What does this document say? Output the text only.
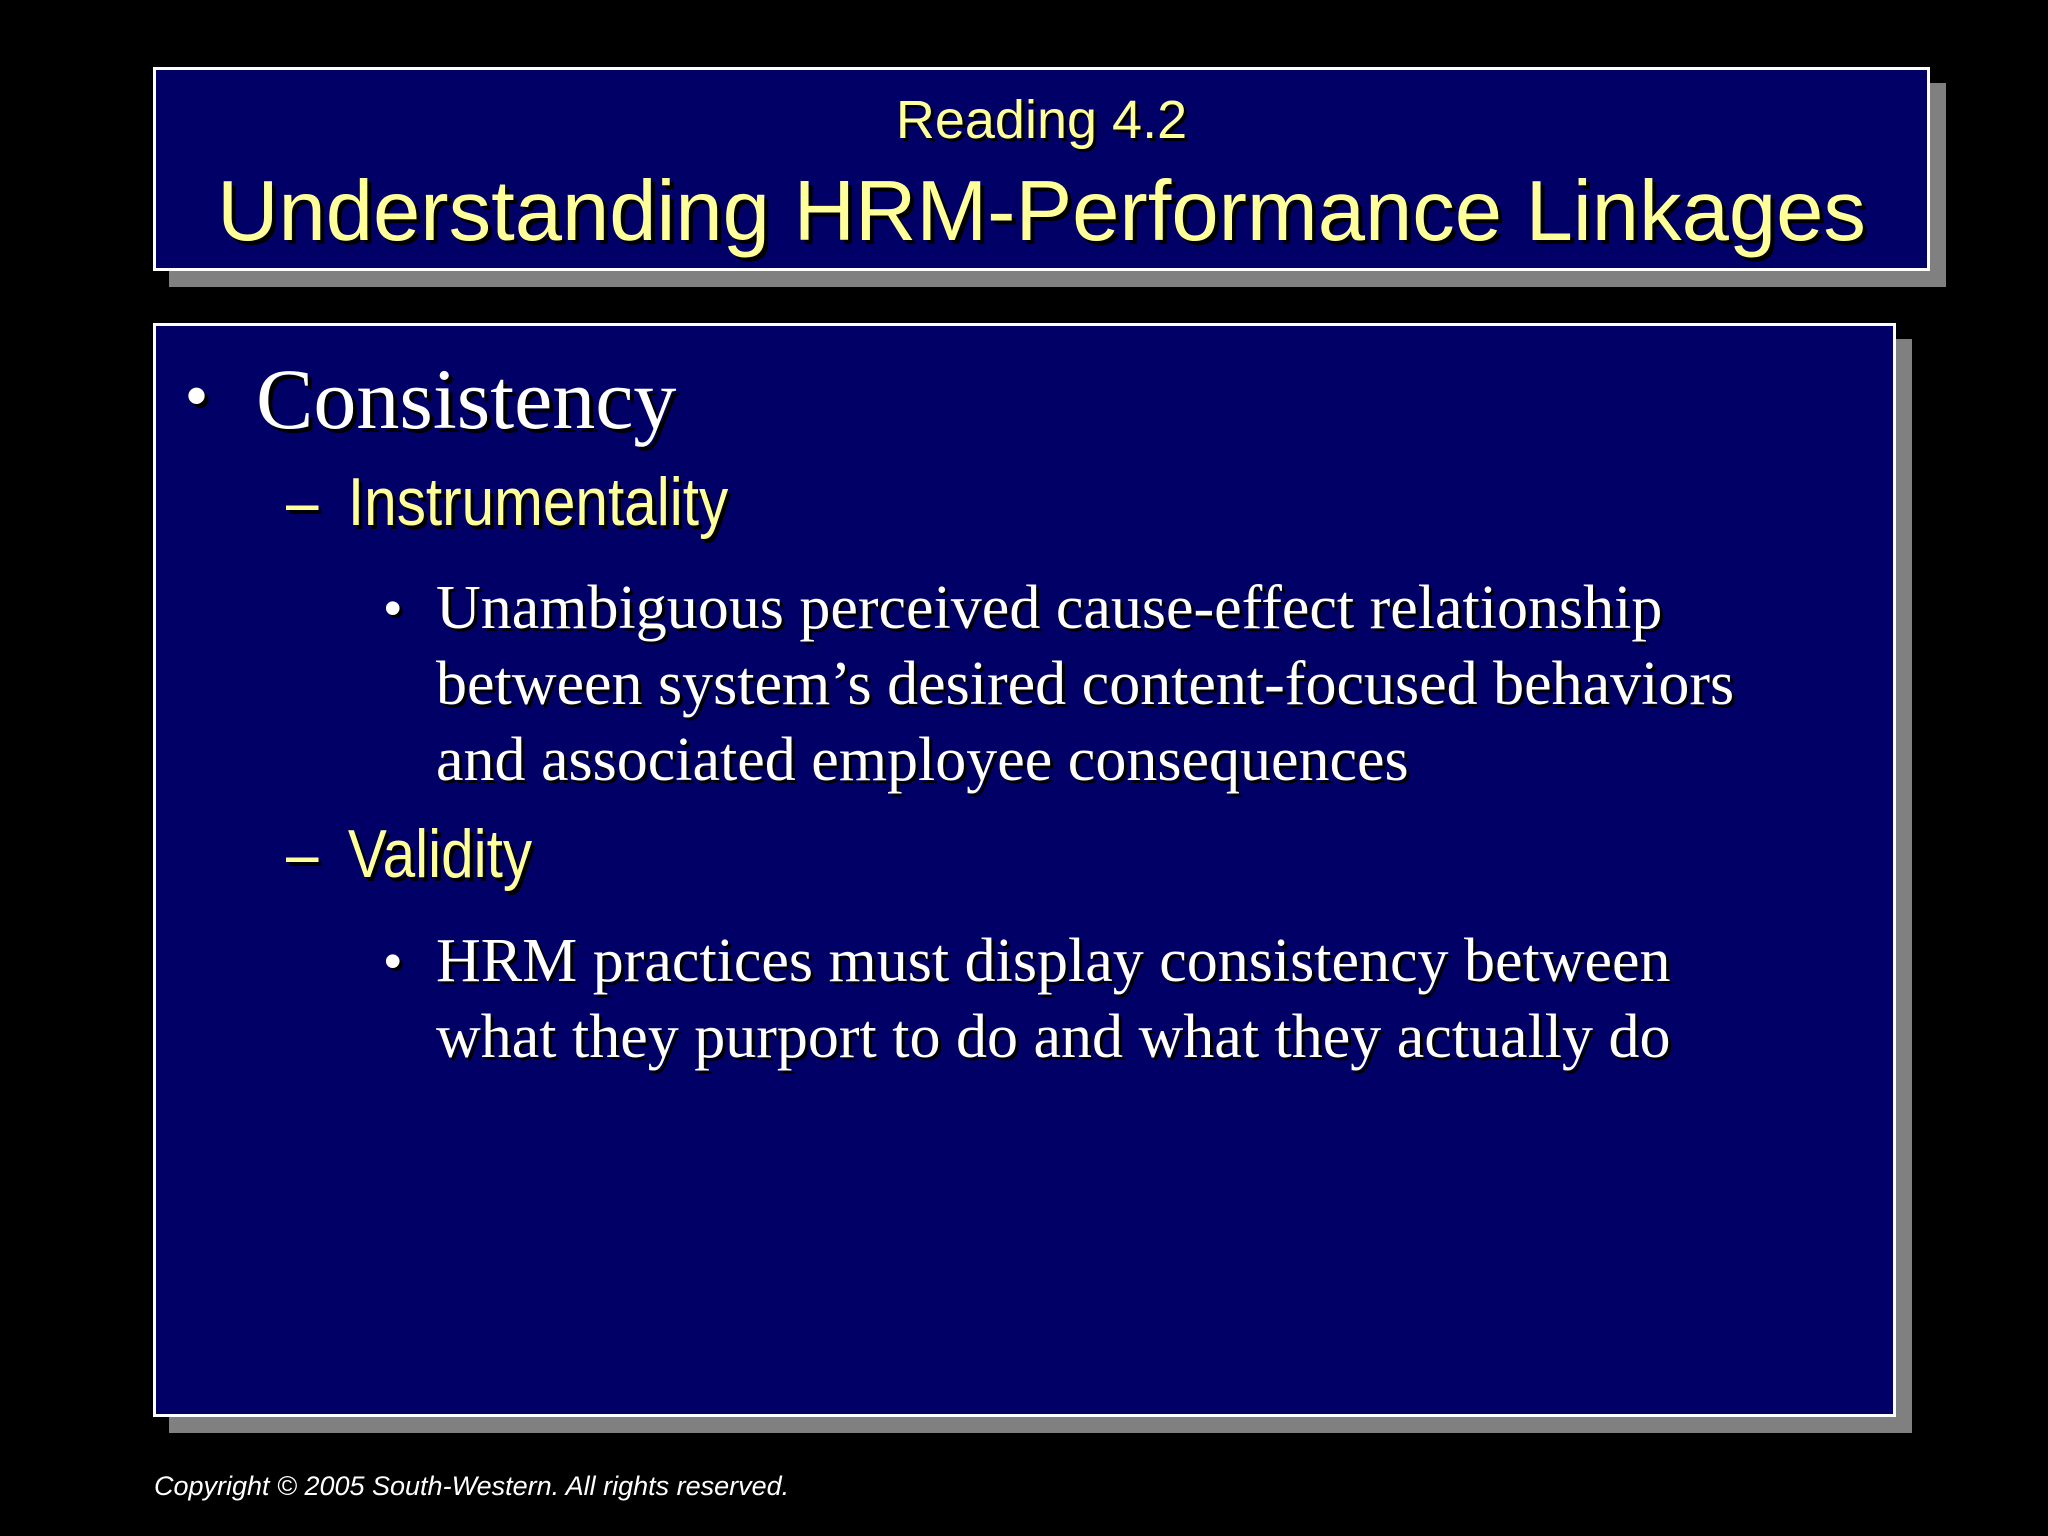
Reading 4.2
Understanding HRM-Performance Linkages
• Consistency
– Instrumentality
• Unambiguous perceived cause-effect relationship between system’s desired content-focused behaviors and associated employee consequences
– Validity
• HRM practices must display consistency between what they purport to do and what they actually do
Copyright © 2005 South-Western. All rights reserved.
